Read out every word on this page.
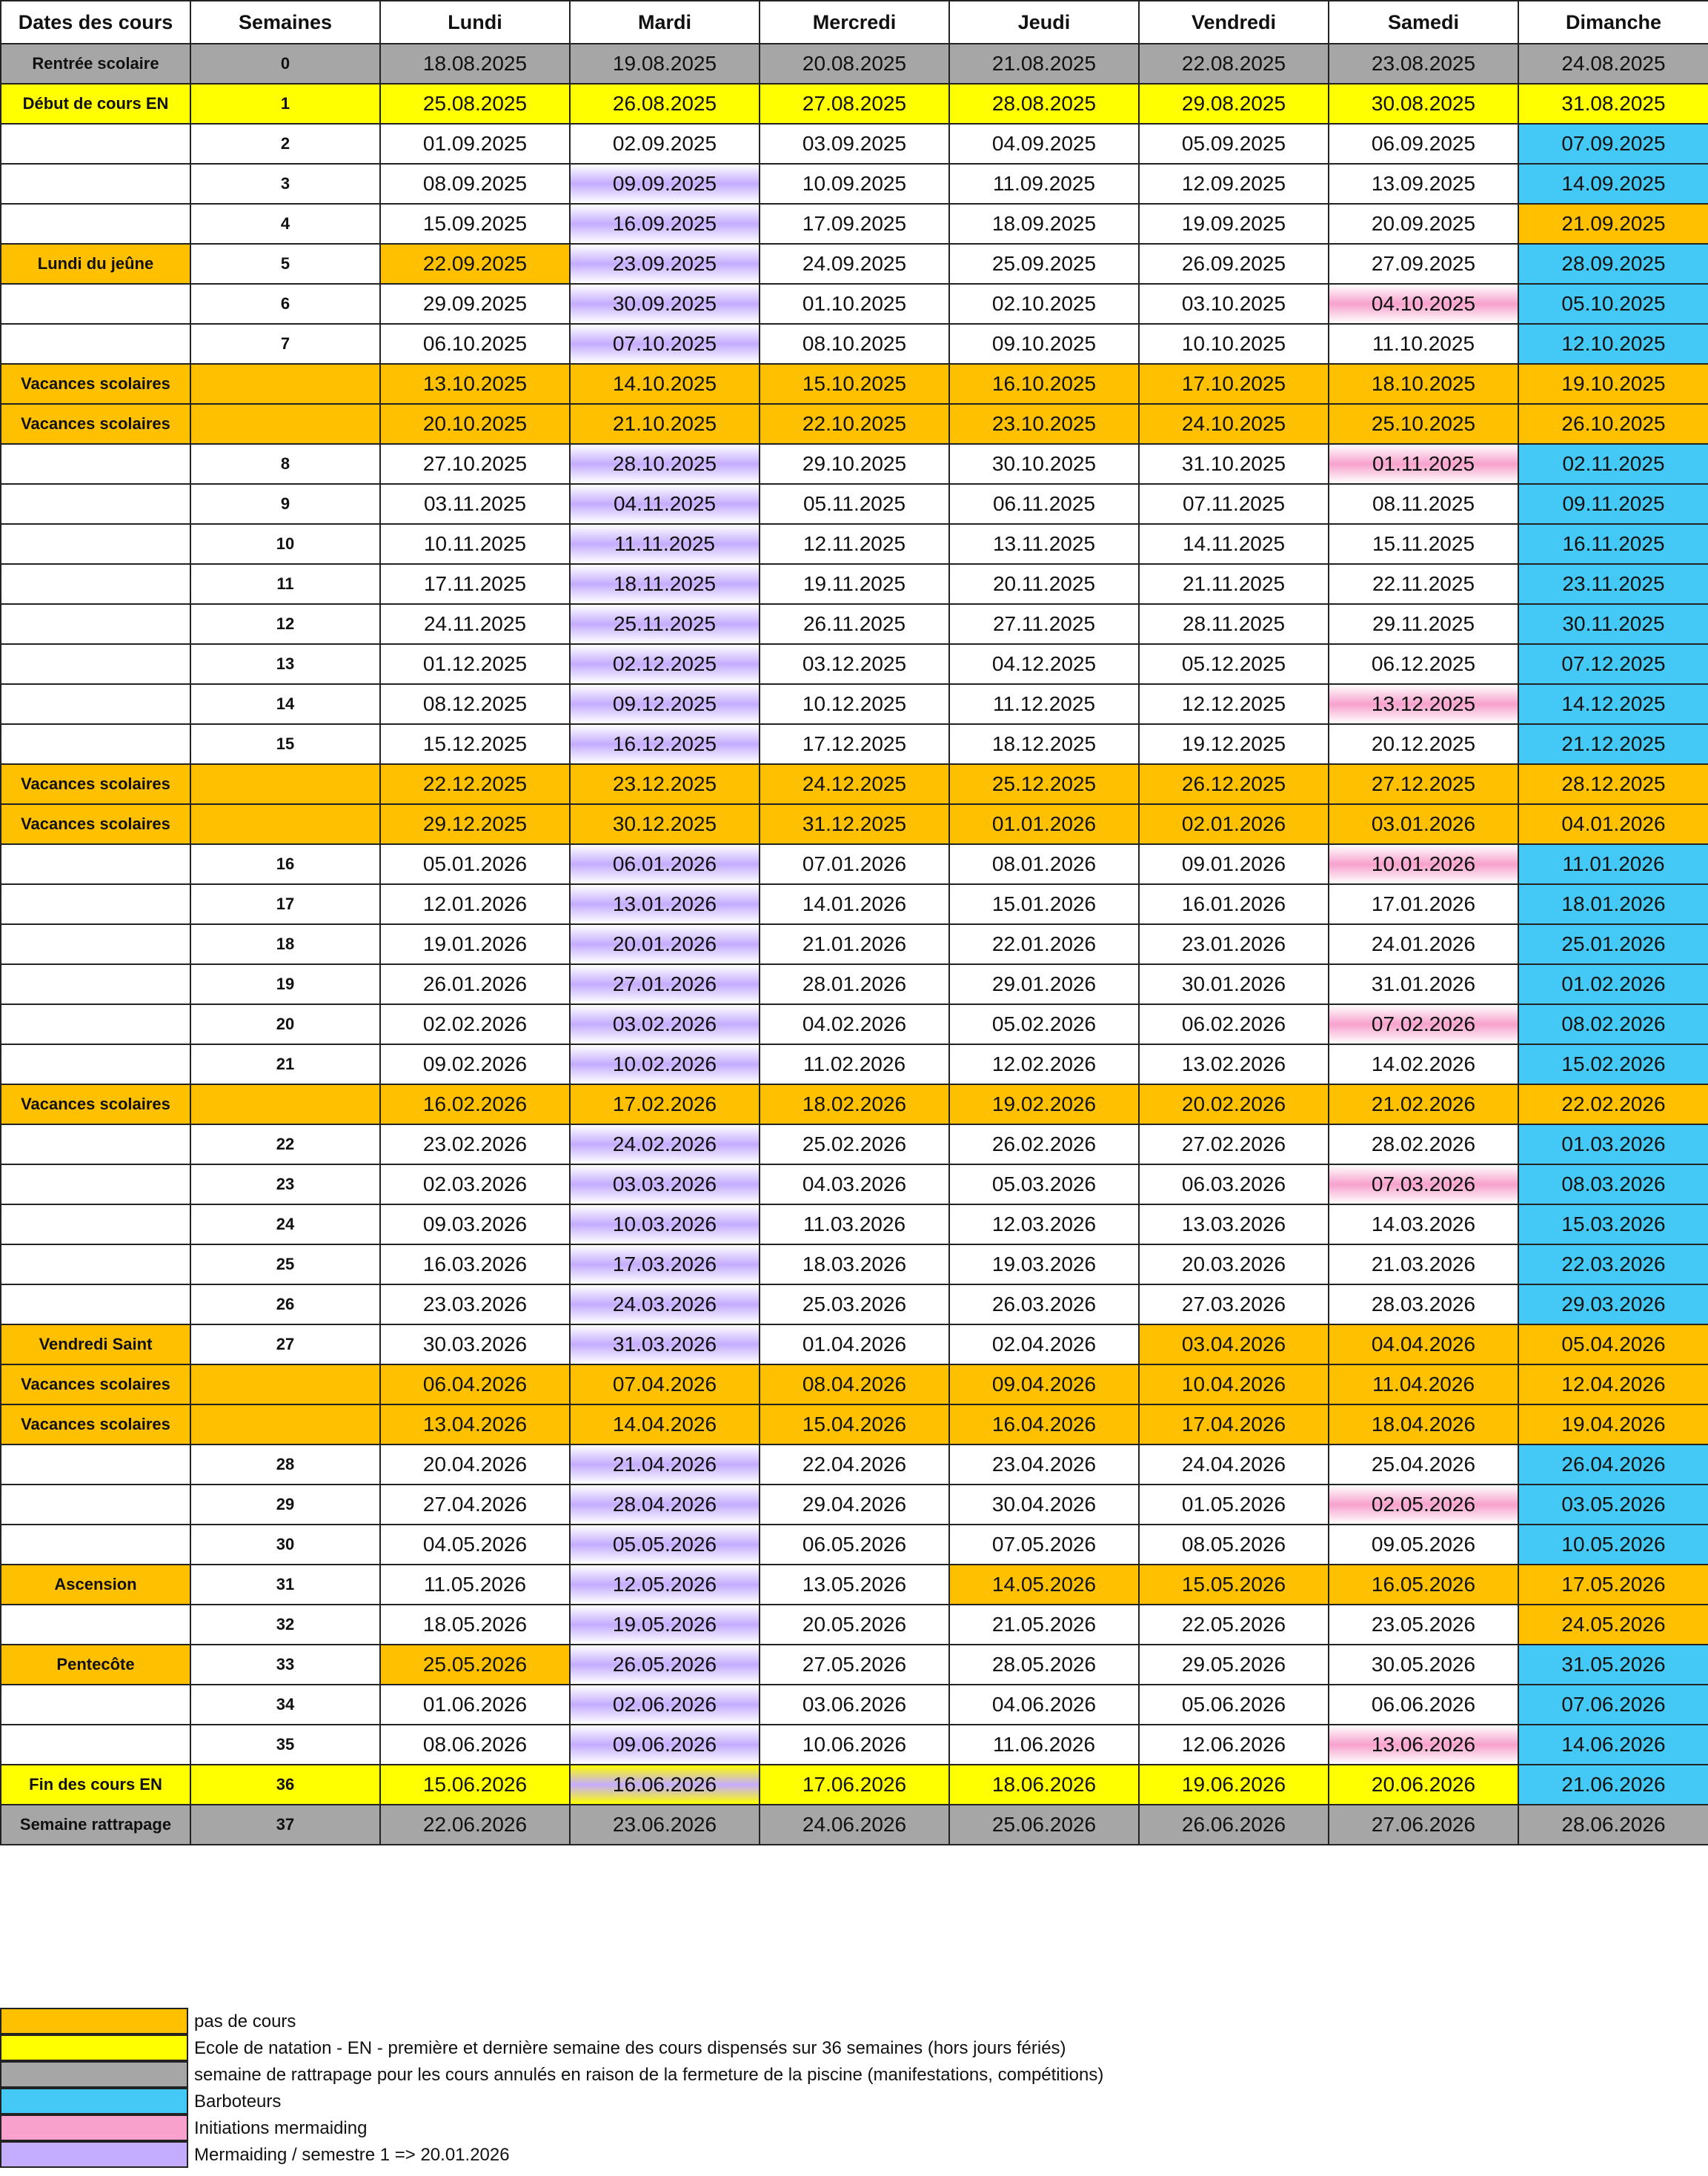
Dates des cours	Semaines	Lundi	Mardi	Mercredi	Jeudi	Vendredi	Samedi	Dimanche
Rentrée scolaire	0	18.08.2025	19.08.2025	20.08.2025	21.08.2025	22.08.2025	23.08.2025	24.08.2025
Début de cours EN	1	25.08.2025	26.08.2025	27.08.2025	28.08.2025	29.08.2025	30.08.2025	31.08.2025
	2	01.09.2025	02.09.2025	03.09.2025	04.09.2025	05.09.2025	06.09.2025	07.09.2025
	3	08.09.2025	09.09.2025	10.09.2025	11.09.2025	12.09.2025	13.09.2025	14.09.2025
	4	15.09.2025	16.09.2025	17.09.2025	18.09.2025	19.09.2025	20.09.2025	21.09.2025
Lundi du jeûne	5	22.09.2025	23.09.2025	24.09.2025	25.09.2025	26.09.2025	27.09.2025	28.09.2025
	6	29.09.2025	30.09.2025	01.10.2025	02.10.2025	03.10.2025	04.10.2025	05.10.2025
	7	06.10.2025	07.10.2025	08.10.2025	09.10.2025	10.10.2025	11.10.2025	12.10.2025
Vacances scolaires		13.10.2025	14.10.2025	15.10.2025	16.10.2025	17.10.2025	18.10.2025	19.10.2025
Vacances scolaires		20.10.2025	21.10.2025	22.10.2025	23.10.2025	24.10.2025	25.10.2025	26.10.2025
	8	27.10.2025	28.10.2025	29.10.2025	30.10.2025	31.10.2025	01.11.2025	02.11.2025
	9	03.11.2025	04.11.2025	05.11.2025	06.11.2025	07.11.2025	08.11.2025	09.11.2025
	10	10.11.2025	11.11.2025	12.11.2025	13.11.2025	14.11.2025	15.11.2025	16.11.2025
	11	17.11.2025	18.11.2025	19.11.2025	20.11.2025	21.11.2025	22.11.2025	23.11.2025
	12	24.11.2025	25.11.2025	26.11.2025	27.11.2025	28.11.2025	29.11.2025	30.11.2025
	13	01.12.2025	02.12.2025	03.12.2025	04.12.2025	05.12.2025	06.12.2025	07.12.2025
	14	08.12.2025	09.12.2025	10.12.2025	11.12.2025	12.12.2025	13.12.2025	14.12.2025
	15	15.12.2025	16.12.2025	17.12.2025	18.12.2025	19.12.2025	20.12.2025	21.12.2025
Vacances scolaires		22.12.2025	23.12.2025	24.12.2025	25.12.2025	26.12.2025	27.12.2025	28.12.2025
Vacances scolaires		29.12.2025	30.12.2025	31.12.2025	01.01.2026	02.01.2026	03.01.2026	04.01.2026
	16	05.01.2026	06.01.2026	07.01.2026	08.01.2026	09.01.2026	10.01.2026	11.01.2026
	17	12.01.2026	13.01.2026	14.01.2026	15.01.2026	16.01.2026	17.01.2026	18.01.2026
	18	19.01.2026	20.01.2026	21.01.2026	22.01.2026	23.01.2026	24.01.2026	25.01.2026
	19	26.01.2026	27.01.2026	28.01.2026	29.01.2026	30.01.2026	31.01.2026	01.02.2026
	20	02.02.2026	03.02.2026	04.02.2026	05.02.2026	06.02.2026	07.02.2026	08.02.2026
	21	09.02.2026	10.02.2026	11.02.2026	12.02.2026	13.02.2026	14.02.2026	15.02.2026
Vacances scolaires		16.02.2026	17.02.2026	18.02.2026	19.02.2026	20.02.2026	21.02.2026	22.02.2026
	22	23.02.2026	24.02.2026	25.02.2026	26.02.2026	27.02.2026	28.02.2026	01.03.2026
	23	02.03.2026	03.03.2026	04.03.2026	05.03.2026	06.03.2026	07.03.2026	08.03.2026
	24	09.03.2026	10.03.2026	11.03.2026	12.03.2026	13.03.2026	14.03.2026	15.03.2026
	25	16.03.2026	17.03.2026	18.03.2026	19.03.2026	20.03.2026	21.03.2026	22.03.2026
	26	23.03.2026	24.03.2026	25.03.2026	26.03.2026	27.03.2026	28.03.2026	29.03.2026
Vendredi Saint	27	30.03.2026	31.03.2026	01.04.2026	02.04.2026	03.04.2026	04.04.2026	05.04.2026
Vacances scolaires		06.04.2026	07.04.2026	08.04.2026	09.04.2026	10.04.2026	11.04.2026	12.04.2026
Vacances scolaires		13.04.2026	14.04.2026	15.04.2026	16.04.2026	17.04.2026	18.04.2026	19.04.2026
	28	20.04.2026	21.04.2026	22.04.2026	23.04.2026	24.04.2026	25.04.2026	26.04.2026
	29	27.04.2026	28.04.2026	29.04.2026	30.04.2026	01.05.2026	02.05.2026	03.05.2026
	30	04.05.2026	05.05.2026	06.05.2026	07.05.2026	08.05.2026	09.05.2026	10.05.2026
Ascension	31	11.05.2026	12.05.2026	13.05.2026	14.05.2026	15.05.2026	16.05.2026	17.05.2026
	32	18.05.2026	19.05.2026	20.05.2026	21.05.2026	22.05.2026	23.05.2026	24.05.2026
Pentecôte	33	25.05.2026	26.05.2026	27.05.2026	28.05.2026	29.05.2026	30.05.2026	31.05.2026
	34	01.06.2026	02.06.2026	03.06.2026	04.06.2026	05.06.2026	06.06.2026	07.06.2026
	35	08.06.2026	09.06.2026	10.06.2026	11.06.2026	12.06.2026	13.06.2026	14.06.2026
Fin des cours EN	36	15.06.2026	16.06.2026	17.06.2026	18.06.2026	19.06.2026	20.06.2026	21.06.2026
Semaine rattrapage	37	22.06.2026	23.06.2026	24.06.2026	25.06.2026	26.06.2026	27.06.2026	28.06.2026
pas de cours
Ecole de natation - EN - première et dernière semaine des cours dispensés sur 36 semaines (hors jours fériés)
semaine de rattrapage pour les cours annulés en raison de la fermeture de la piscine (manifestations, compétitions)
Barboteurs
Initiations mermaiding
Mermaiding / semestre 1 => 20.01.2026
